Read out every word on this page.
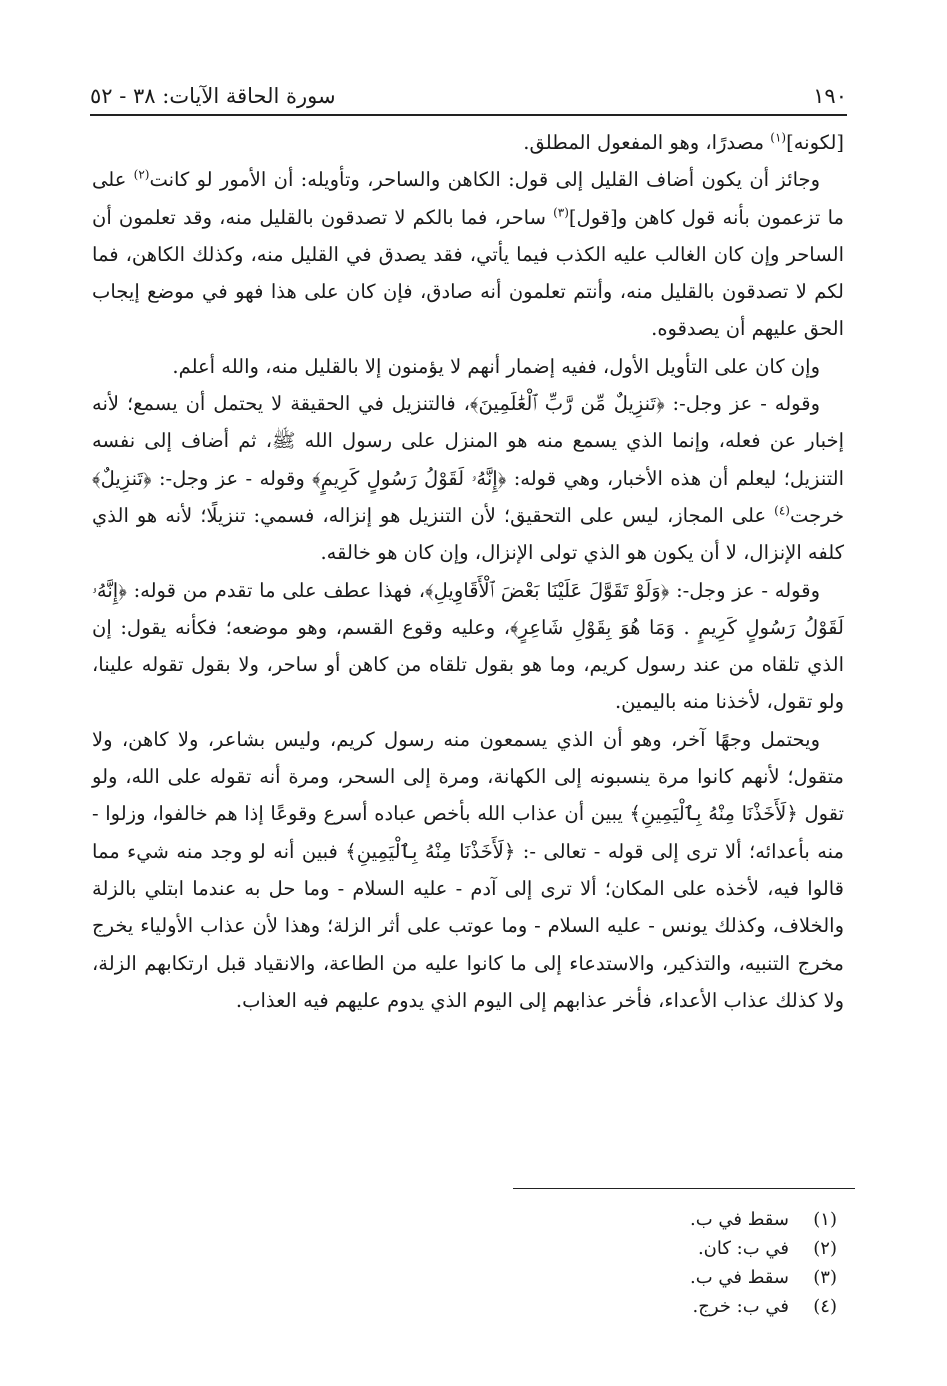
١٩٠
سورة الحاقة الآيات: ٣٨ - ٥٢

[لكونه]$^{(١)}$ مصدرًا، وهو المفعول المطلق.

وجائز أن يكون أضاف القليل إلى قول: الكاهن والساحر، وتأويله: أن الأمور لو كانت$^{(٢)}$ على ما تزعمون بأنه قول كاهن و[قول]$^{(٣)}$ ساحر، فما بالكم لا تصدقون بالقليل منه، وقد تعلمون أن الساحر وإن كان الغالب عليه الكذب فيما يأتي، فقد يصدق في القليل منه، وكذلك الكاهن، فما لكم لا تصدقون بالقليل منه، وأنتم تعلمون أنه صادق، فإن كان على هذا فهو في موضع إيجاب الحق عليهم أن يصدقوه.

وإن كان على التأويل الأول، ففيه إضمار أنهم لا يؤمنون إلا بالقليل منه، والله أعلم.

وقوله - عز وجل-: ﴿تَنزِيلٌ مِّن رَّبِّ ٱلْعَٰلَمِينَ﴾، فالتنزيل في الحقيقة لا يحتمل أن يسمع؛ لأنه إخبار عن فعله، وإنما الذي يسمع منه هو المنزل على رسول الله ﷺ، ثم أضاف إلى نفسه التنزيل؛ ليعلم أن هذه الأخبار، وهي قوله: ﴿إِنَّهُۥ لَقَوْلُ رَسُولٍ كَرِيمٍ﴾ وقوله - عز وجل-: ﴿تَنزِيلٌ﴾ خرجت$^{(٤)}$ على المجاز، ليس على التحقيق؛ لأن التنزيل هو إنزاله، فسمي: تنزيلًا؛ لأنه هو الذي كلفه الإنزال، لا أن يكون هو الذي تولى الإنزال، وإن كان هو خالقه.

وقوله - عز وجل-: ﴿وَلَوْ تَقَوَّلَ عَلَيْنَا بَعْضَ ٱلْأَقَاوِيلِ﴾، فهذا عطف على ما تقدم من قوله: ﴿إِنَّهُۥ لَقَوْلُ رَسُولٍ كَرِيمٍ . وَمَا هُوَ بِقَوْلِ شَاعِرٍ﴾، وعليه وقوع القسم، وهو موضعه؛ فكأنه يقول: إن الذي تلقاه من عند رسول كريم، وما هو بقول تلقاه من كاهن أو ساحر، ولا بقول تقوله علينا، ولو تقول، لأخذنا منه باليمين.

ويحتمل وجهًا آخر، وهو أن الذي يسمعون منه رسول كريم، وليس بشاعر، ولا كاهن، ولا متقول؛ لأنهم كانوا مرة ينسبونه إلى الكهانة، ومرة إلى السحر، ومرة أنه تقوله على الله، ولو تقول ﴿لَأَخَذْنَا مِنْهُ بِٱلْيَمِينِ﴾ يبين أن عذاب الله بأخص عباده أسرع وقوعًا إذا هم خالفوا، وزلوا - منه بأعدائه؛ ألا ترى إلى قوله - تعالى -: ﴿لَأَخَذْنَا مِنْهُ بِٱلْيَمِينِ﴾ فبين أنه لو وجد منه شيء مما قالوا فيه، لأخذه على المكان؛ ألا ترى إلى آدم - عليه السلام - وما حل به عندما ابتلي بالزلة والخلاف، وكذلك يونس - عليه السلام - وما عوتب على أثر الزلة؛ وهذا لأن عذاب الأولياء يخرج مخرج التنبيه، والتذكير، والاستدعاء إلى ما كانوا عليه من الطاعة، والانقياد قبل ارتكابهم الزلة، ولا كذلك عذاب الأعداء، فأخر عذابهم إلى اليوم الذي يدوم عليهم فيه العذاب.

(١)
سقط في ب.
(٢)
في ب: كان.
(٣)
سقط في ب.
(٤)
في ب: خرج.
